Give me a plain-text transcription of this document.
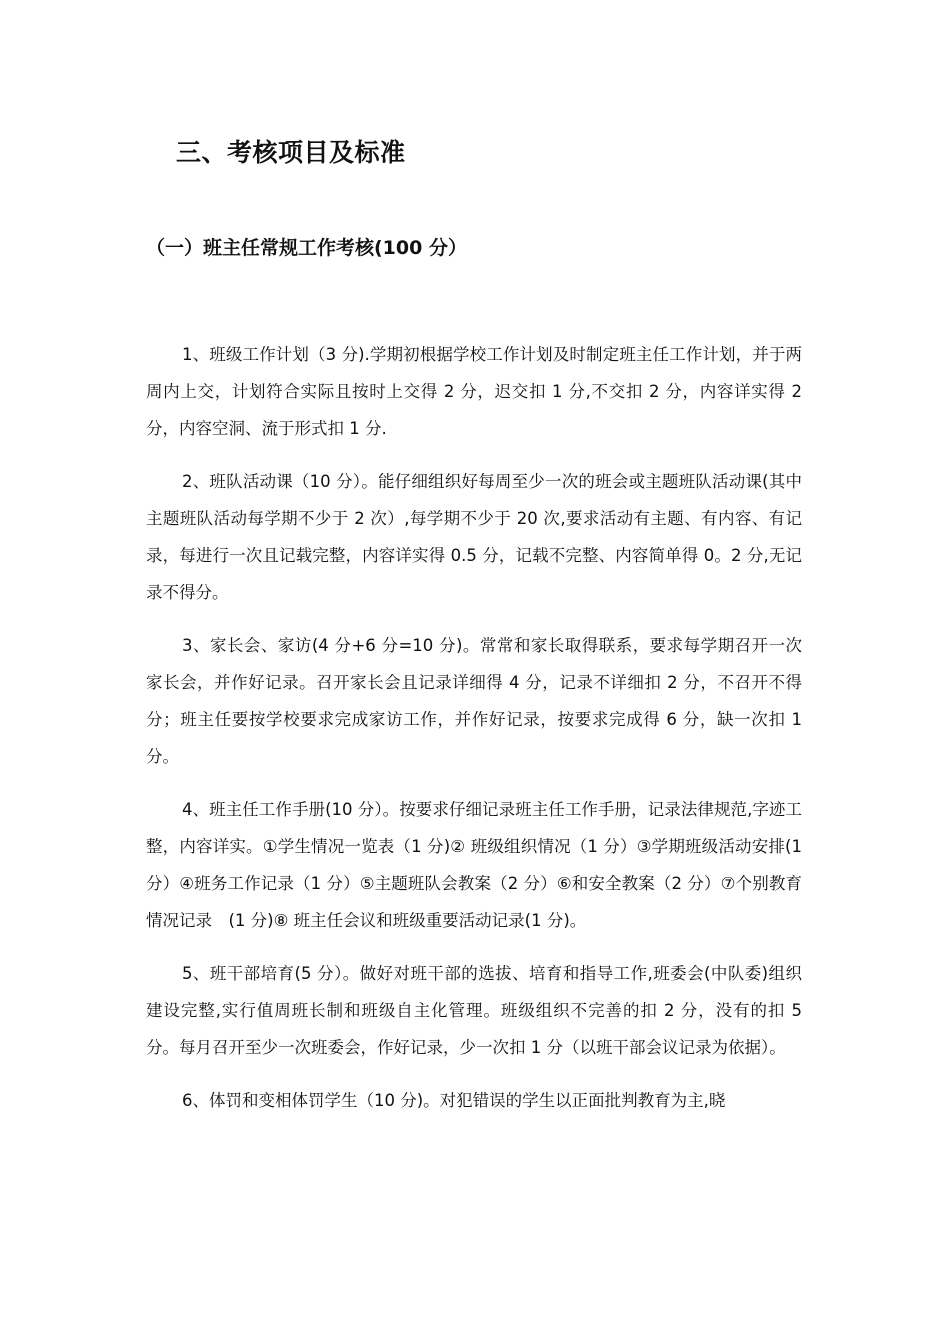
三、考核项目及标准
（一）班主任常规工作考核(100 分）

1、班级工作计划（3 分).学期初根据学校工作计划及时制定班主任工作计划，并于两周内上交，计划符合实际且按时上交得 2 分，迟交扣 1 分,不交扣 2 分，内容详实得 2 分，内容空洞、流于形式扣 1 分.

2、班队活动课（10 分）。能仔细组织好每周至少一次的班会或主题班队活动课(其中主题班队活动每学期不少于 2 次）,每学期不少于 20 次,要求活动有主题、有内容、有记录，每进行一次且记载完整，内容详实得 0.5 分，记载不完整、内容简单得 0。2 分,无记录不得分。

3、家长会、家访(4 分+6 分=10 分)。常常和家长取得联系，要求每学期召开一次家长会，并作好记录。召开家长会且记录详细得 4 分，记录不详细扣 2 分，不召开不得分；班主任要按学校要求完成家访工作，并作好记录，按要求完成得 6 分，缺一次扣 1 分。

4、班主任工作手册(10 分）。按要求仔细记录班主任工作手册，记录法律规范,字迹工整，内容详实。①学生情况一览表（1 分)② 班级组织情况（1 分）③学期班级活动安排(1 分）④班务工作记录（1 分）⑤主题班队会教案（2 分）⑥和安全教案（2 分）⑦个别教育情况记录　(1 分)⑧ 班主任会议和班级重要活动记录(1 分)。

5、班干部培育(5 分）。做好对班干部的选拔、培育和指导工作,班委会(中队委)组织建设完整,实行值周班长制和班级自主化管理。班级组织不完善的扣 2 分，没有的扣 5 分。每月召开至少一次班委会，作好记录，少一次扣 1 分（以班干部会议记录为依据）。

6、体罚和变相体罚学生（10 分)。对犯错误的学生以正面批判教育为主,晓
